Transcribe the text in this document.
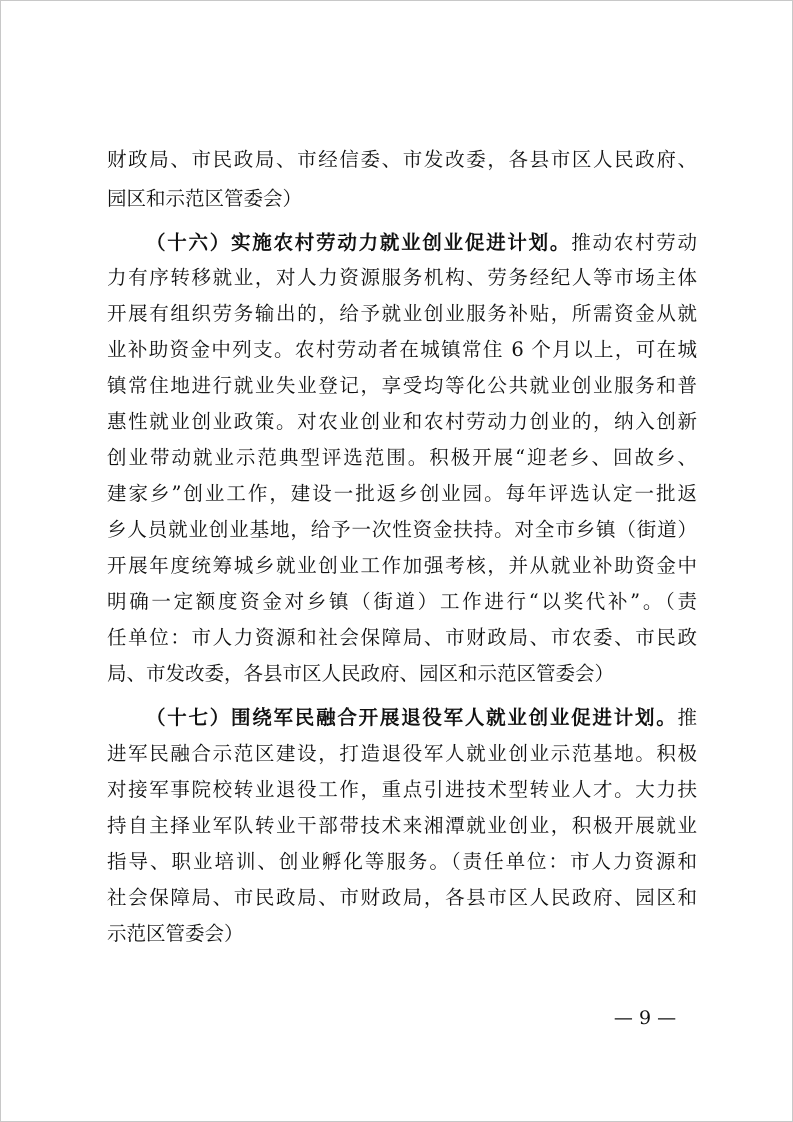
财政局、市民政局、市经信委、市发改委，各县市区人民政府、
园区和示范区管委会）
（十六）实施农村劳动力就业创业促进计划。推动农村劳动
力有序转移就业，对人力资源服务机构、劳务经纪人等市场主体
开展有组织劳务输出的，给予就业创业服务补贴，所需资金从就
业补助资金中列支。农村劳动者在城镇常住 6 个月以上，可在城
镇常住地进行就业失业登记，享受均等化公共就业创业服务和普
惠性就业创业政策。对农业创业和农村劳动力创业的，纳入创新
创业带动就业示范典型评选范围。积极开展“迎老乡、回故乡、
建家乡”创业工作，建设一批返乡创业园。每年评选认定一批返
乡人员就业创业基地，给予一次性资金扶持。对全市乡镇（街道）
开展年度统筹城乡就业创业工作加强考核，并从就业补助资金中
明确一定额度资金对乡镇（街道）工作进行“以奖代补”。（责
任单位：市人力资源和社会保障局、市财政局、市农委、市民政
局、市发改委，各县市区人民政府、园区和示范区管委会）
（十七）围绕军民融合开展退役军人就业创业促进计划。推
进军民融合示范区建设，打造退役军人就业创业示范基地。积极
对接军事院校转业退役工作，重点引进技术型转业人才。大力扶
持自主择业军队转业干部带技术来湘潭就业创业，积极开展就业
指导、职业培训、创业孵化等服务。（责任单位：市人力资源和
社会保障局、市民政局、市财政局，各县市区人民政府、园区和
示范区管委会）
— 9 —
